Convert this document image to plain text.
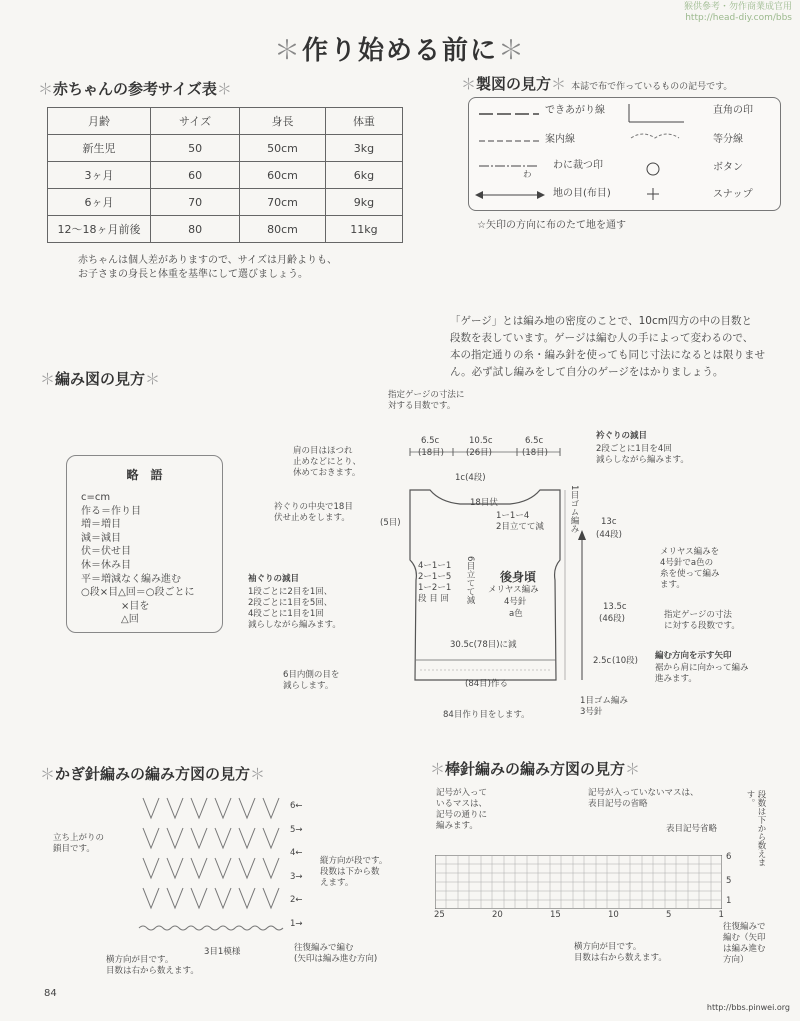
＊作り始める前に＊
猴供參考・勿作商業成官用
http://head-diy.com/bbs
＊赤ちゃんの参考サイズ表＊
月齢	サイズ	身長	体重
新生児	50	50cm	3kg
3ヶ月	60	60cm	6kg
6ヶ月	70	70cm	9kg
12〜18ヶ月前後	80	80cm	11kg
赤ちゃんは個人差がありますので、サイズは月齢よりも、
お子さまの身長と体重を基準にして選びましょう。
＊製図の見方＊ 本誌で布で作っているものの記号です。
できあがり線
案内線
わに裁つ印
わ
地の目(布目)
直角の印
等分線
ボタン
スナップ
☆矢印の方向に布のたて地を通す
「ゲージ」とは編み地の密度のことで、10cm四方の中の目数と
段数を表しています。ゲージは編む人の手によって変わるので、
本の指定通りの糸・編み針を使っても同じ寸法になるとは限りませ
ん。必ず試し編みをして自分のゲージをはかりましょう。
＊編み図の見方＊
略　語
c=cm
作る＝作り目
増＝増目
減＝減目
伏＝伏せ目
休＝休み目
平＝増減なく編み進む
○段×目△回＝○段ごとに
　　　　×目を
　　　　△回
指定ゲージの寸法に
対する目数です。
6.5c	10.5c	6.5c
(18目)	(26目)	(18目)
肩の目はほつれ
止めなどにとり、
休めておきます。	1c(4段)
18目伏
衿ぐりの中央で18目
伏せ止めをします。	(5目)
衿ぐりの減目
2段ごとに1目を4回
減らしながら編みます。
1ー1ー4
2目立てて減	1目ゴム編み
袖ぐりの減目
1段ごとに2目を1回、
2段ごとに1目を5回、
4段ごとに1目を1回
減らしながら編みます。
4ー1ー1
2ー1ー5
1ー2ー1
段 目 回 6目立てて減 後身頃
メリヤス編み
4号針
a色
13c
(44段)
13.5c
(46段)
30.5c(78目)に減
2.5c (10段)
メリヤス編みを
4号針でa色の
糸を使って編み
ます。
指定ゲージの寸法
に対する段数です。
編む方向を示す矢印
裾から肩に向かって編み
進みます。
6目内側の目を
減らします。	(84目)作る
84目作り目をします。
1目ゴム編み
3号針
＊かぎ針編みの編み方図の見方＊
6←
5→
4←
3→
2←
1→
立ち上がりの
鎖目です。
3目1模様
縦方向が段です。
段数は下から数
えます。
横方向が目です。
目数は右から数えます。
往復編みで編む
(矢印は編み進む方向)
＊棒針編みの編み方図の見方＊
記号が入って
いるマスは、
記号の通りに
編みます。
記号が入っていないマスは、
表目記号の省略
表目記号省略
25	20	15	10	5	1
6
5
1
段数は下から数えます。
往復編みで
編む（矢印
は編み進む
方向）
横方向が目です。
目数は右から数えます。
84
http://bbs.pinwei.org
